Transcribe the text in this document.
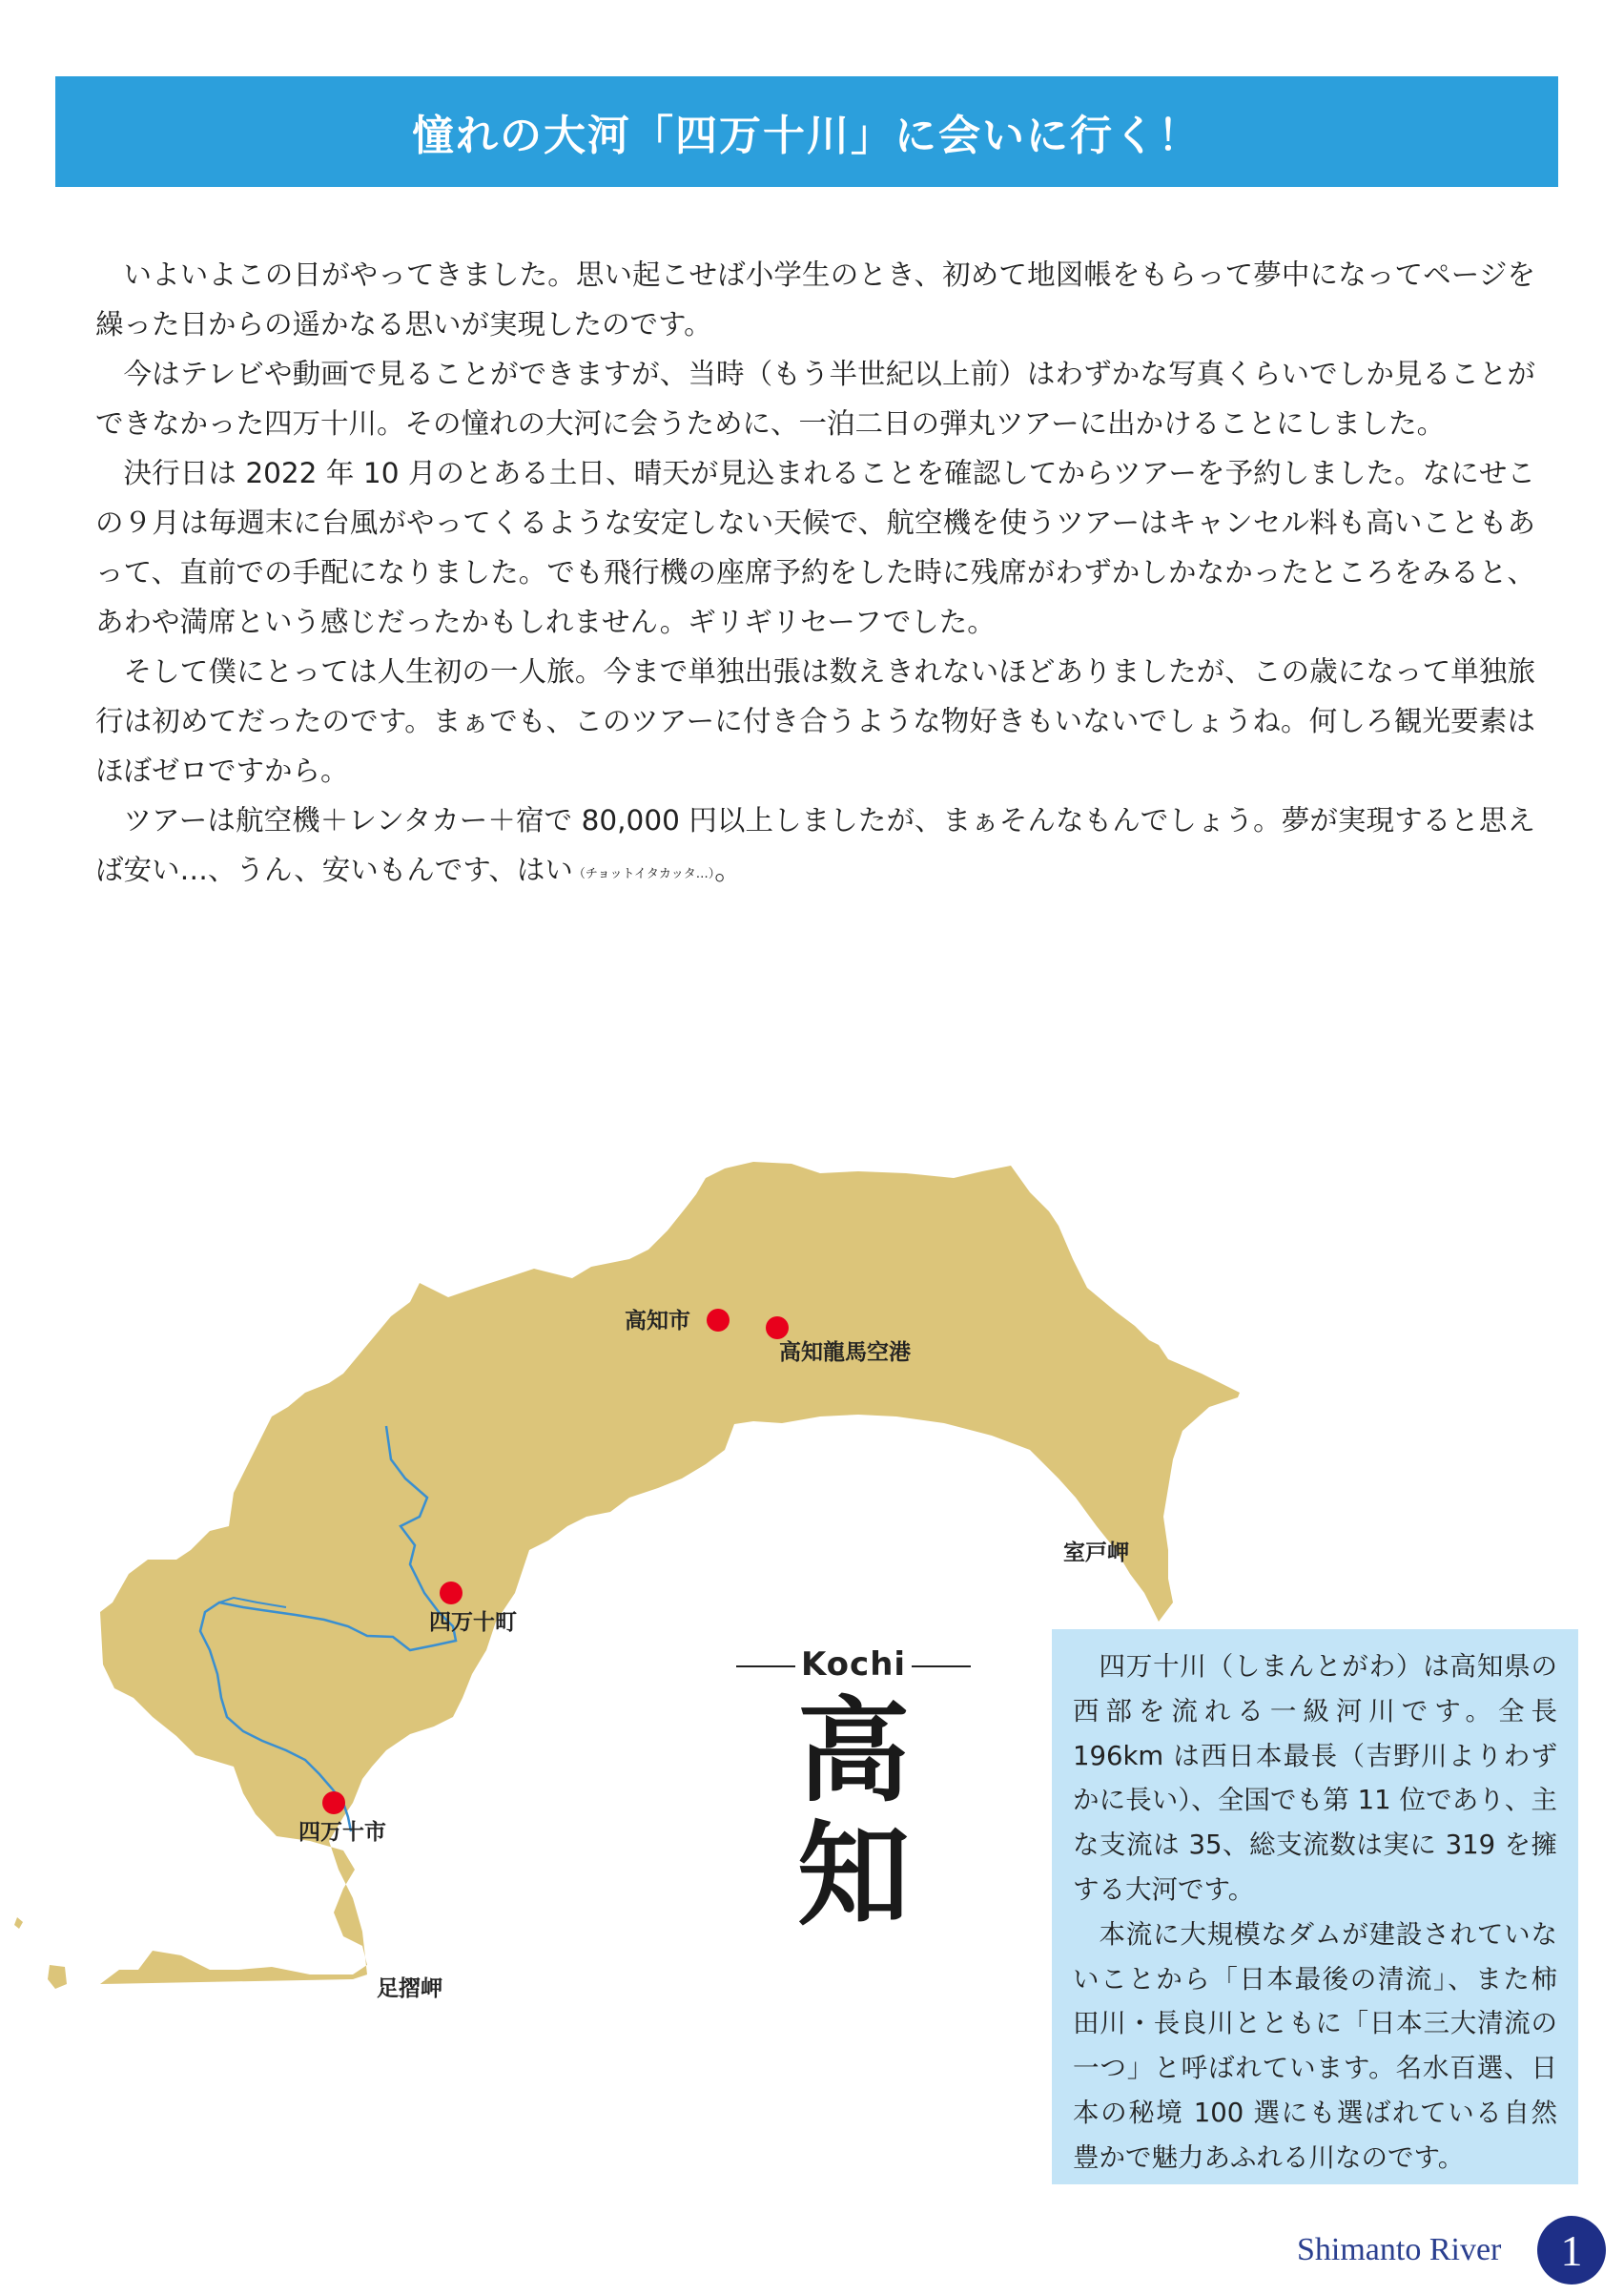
憧れの大河「四万十川」に会いに行く！

いよいよこの日がやってきました。思い起こせば小学生のとき、初めて地図帳をもらって夢中になってページを繰った日からの遥かなる思いが実現したのです。

今はテレビや動画で見ることができますが、当時（もう半世紀以上前）はわずかな写真くらいでしか見ることができなかった四万十川。その憧れの大河に会うために、一泊二日の弾丸ツアーに出かけることにしました。

決行日は 2022 年 10 月のとある土日、晴天が見込まれることを確認してからツアーを予約しました。なにせこの９月は毎週末に台風がやってくるような安定しない天候で、航空機を使うツアーはキャンセル料も高いこともあって、直前での手配になりました。でも飛行機の座席予約をした時に残席がわずかしかなかったところをみると、あわや満席という感じだったかもしれません。ギリギリセーフでした。

そして僕にとっては人生初の一人旅。今まで単独出張は数えきれないほどありましたが、この歳になって単独旅行は初めてだったのです。まぁでも、このツアーに付き合うような物好きもいないでしょうね。何しろ観光要素はほぼゼロですから。

ツアーは航空機＋レンタカー＋宿で 80,000 円以上しましたが、まぁそんなもんでしょう。夢が実現すると思えば安い…、うん、安いもんです、はい（チョットイタカッタ…）。

高知市
高知龍馬空港
室戸岬
四万十町
四万十市
足摺岬
Kochi
高知

四万十川（しまんとがわ）は高知県の西部を流れる一級河川です。全長 196km は西日本最長（吉野川よりわずかに長い）、全国でも第 11 位であり、主な支流は 35、総支流数は実に 319 を擁する大河です。

本流に大規模なダムが建設されていないことから「日本最後の清流」、また柿田川・長良川とともに「日本三大清流の一つ」と呼ばれています。名水百選、日本の秘境 100 選にも選ばれている自然豊かで魅力あふれる川なのです。

Shimanto River	1
